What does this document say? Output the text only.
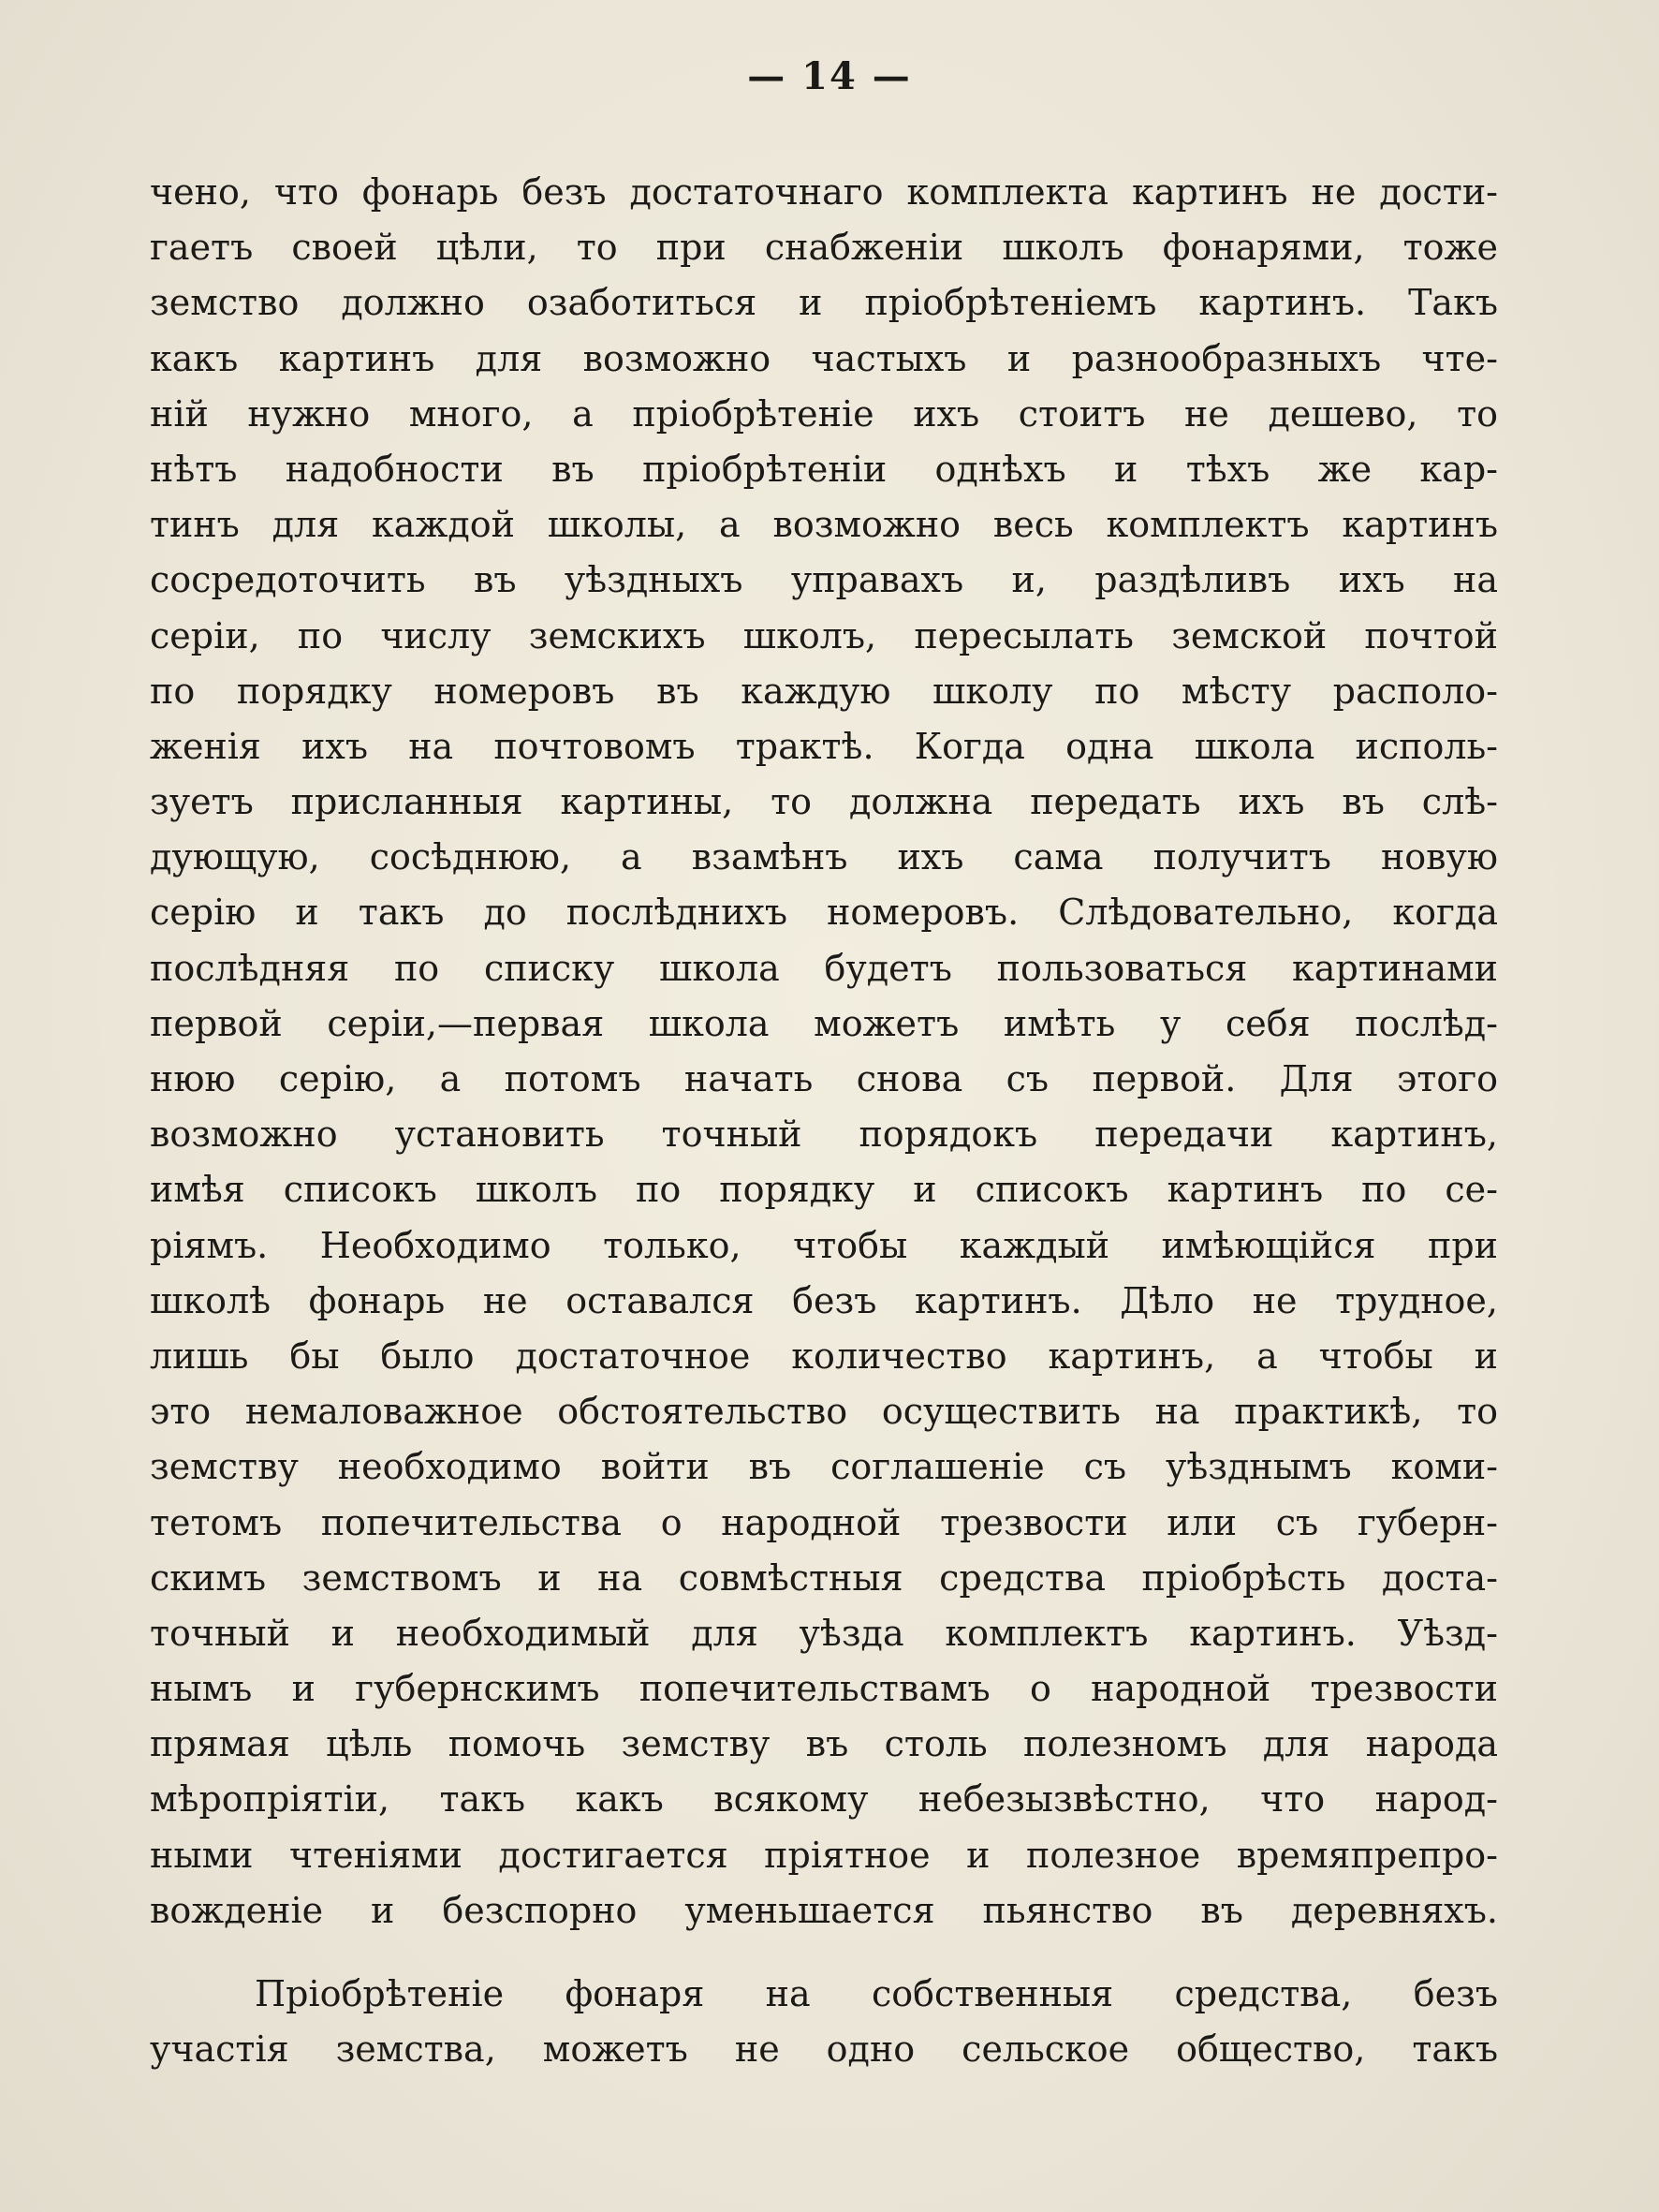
— 14 —
чено, что фонарь безъ достаточнаго комплекта картинъ не дости-
гаетъ своей цѣли, то при снабженіи школъ фонарями, тоже
земство должно озаботиться и пріобрѣтеніемъ картинъ. Такъ
какъ картинъ для возможно частыхъ и разнообразныхъ чте-
ній нужно много, а пріобрѣтеніе ихъ стоитъ не дешево, то
нѣтъ надобности въ пріобрѣтеніи однѣхъ и тѣхъ же кар-
тинъ для каждой школы, а возможно весь комплектъ картинъ
сосредоточить въ уѣздныхъ управахъ и, раздѣливъ ихъ на
серіи, по числу земскихъ школъ, пересылать земской почтой
по порядку номеровъ въ каждую школу по мѣсту располо-
женія ихъ на почтовомъ трактѣ. Когда одна школа исполь-
зуетъ присланныя картины, то должна передать ихъ въ слѣ-
дующую, сосѣднюю, а взамѣнъ ихъ сама получитъ новую
серію и такъ до послѣднихъ номеровъ. Слѣдовательно, когда
послѣдняя по списку школа будетъ пользоваться картинами
первой серіи,—первая школа можетъ имѣть у себя послѣд-
нюю серію, а потомъ начать снова съ первой. Для этого
возможно установить точный порядокъ передачи картинъ,
имѣя списокъ школъ по порядку и списокъ картинъ по се-
ріямъ. Необходимо только, чтобы каждый имѣющійся при
школѣ фонарь не оставался безъ картинъ. Дѣло не трудное,
лишь бы было достаточное количество картинъ, а чтобы и
это немаловажное обстоятельство осуществить на практикѣ, то
земству необходимо войти въ соглашеніе съ уѣзднымъ коми-
тетомъ попечительства о народной трезвости или съ губерн-
скимъ земствомъ и на совмѣстныя средства пріобрѣсть доста-
точный и необходимый для уѣзда комплектъ картинъ. Уѣзд-
нымъ и губернскимъ попечительствамъ о народной трезвости
прямая цѣль помочь земству въ столь полезномъ для народа
мѣропріятіи, такъ какъ всякому небезызвѣстно, что народ-
ными чтеніями достигается пріятное и полезное времяпрепро-
вожденіе и безспорно уменьшается пьянство въ деревняхъ.
Пріобрѣтеніе фонаря на собственныя средства, безъ
участія земства, можетъ не одно сельское общество, такъ
